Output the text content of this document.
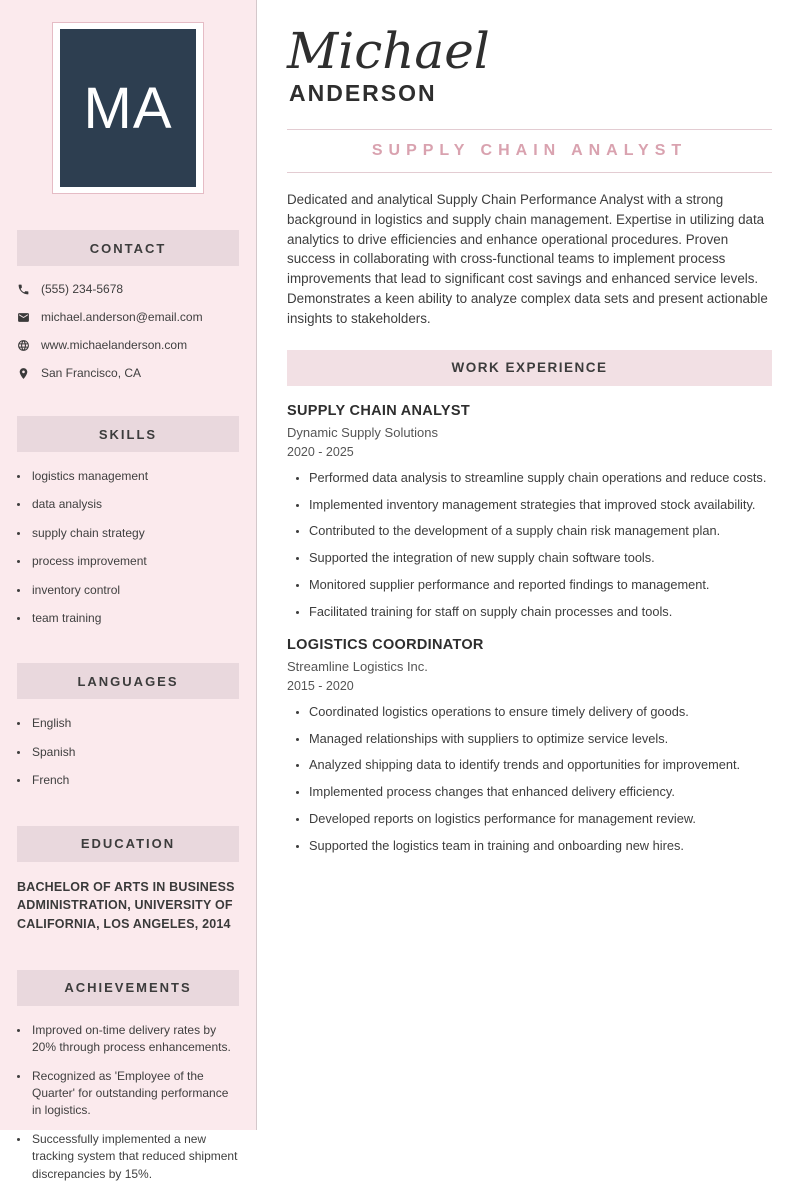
MA
CONTACT
(555) 234-5678
michael.anderson@email.com
www.michaelanderson.com
San Francisco, CA
SKILLS
• logistics management
• data analysis
• supply chain strategy
• process improvement
• inventory control
• team training
LANGUAGES
• English
• Spanish
• French
EDUCATION
BACHELOR OF ARTS IN BUSINESS ADMINISTRATION, UNIVERSITY OF CALIFORNIA, LOS ANGELES, 2014
ACHIEVEMENTS
• Improved on-time delivery rates by 20% through process enhancements.
• Recognized as 'Employee of the Quarter' for outstanding performance in logistics.
• Successfully implemented a new tracking system that reduced shipment discrepancies by 15%.
Michael
ANDERSON
SUPPLY CHAIN ANALYST

Dedicated and analytical Supply Chain Performance Analyst with a strong background in logistics and supply chain management. Expertise in utilizing data analytics to drive efficiencies and enhance operational procedures. Proven success in collaborating with cross-functional teams to implement process improvements that lead to significant cost savings and enhanced service levels. Demonstrates a keen ability to analyze complex data sets and present actionable insights to stakeholders.

WORK EXPERIENCE
SUPPLY CHAIN ANALYST
Dynamic Supply Solutions
2020 - 2025
• Performed data analysis to streamline supply chain operations and reduce costs.
• Implemented inventory management strategies that improved stock availability.
• Contributed to the development of a supply chain risk management plan.
• Supported the integration of new supply chain software tools.
• Monitored supplier performance and reported findings to management.
• Facilitated training for staff on supply chain processes and tools.
LOGISTICS COORDINATOR
Streamline Logistics Inc.
2015 - 2020
• Coordinated logistics operations to ensure timely delivery of goods.
• Managed relationships with suppliers to optimize service levels.
• Analyzed shipping data to identify trends and opportunities for improvement.
• Implemented process changes that enhanced delivery efficiency.
• Developed reports on logistics performance for management review.
• Supported the logistics team in training and onboarding new hires.
